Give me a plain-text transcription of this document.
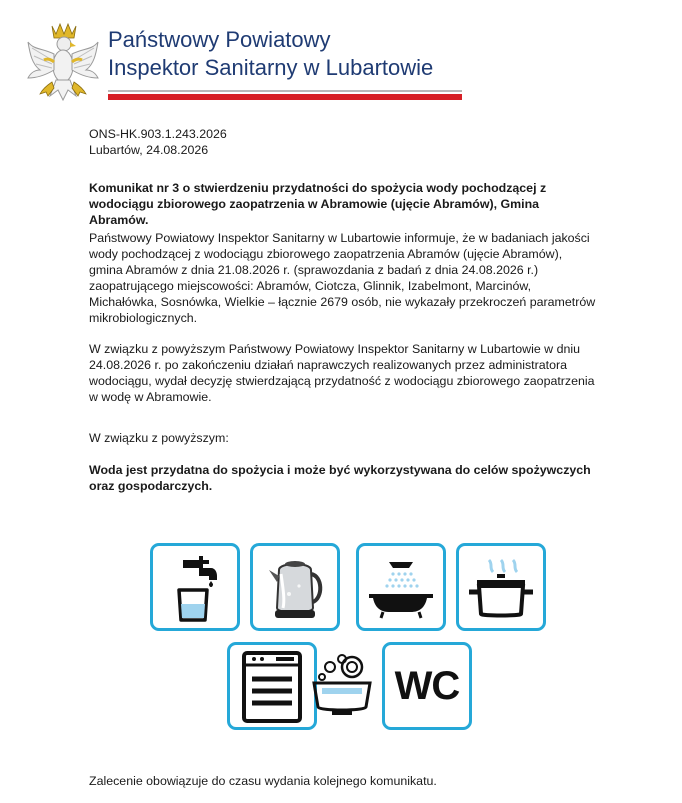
Państwowy Powiatowy
Inspektor Sanitarny w Lubartowie

ONS-HK.903.1.243.2026

Lubartów, 24.08.2026

Komunikat nr 3 o stwierdzeniu przydatności do spożycia wody pochodzącej z wodociągu zbiorowego zaopatrzenia w Abramowie (ujęcie Abramów), Gmina Abramów.

Państwowy Powiatowy Inspektor Sanitarny w Lubartowie informuje, że w badaniach jakości wody pochodzącej z wodociągu zbiorowego zaopatrzenia Abramów (ujęcie Abramów), gmina Abramów z dnia 21.08.2026 r. (sprawozdania z badań z dnia 24.08.2026 r.) zaopatrującego miejscowości: Abramów, Ciotcza, Glinnik, Izabelmont, Marcinów, Michałówka, Sosnówka, Wielkie – łącznie 2679 osób, nie wykazały przekroczeń parametrów mikrobiologicznych.

W związku z powyższym Państwowy Powiatowy Inspektor Sanitarny w Lubartowie w dniu 24.08.2026 r. po zakończeniu działań naprawczych realizowanych przez administratora wodociągu, wydał decyzję stwierdzającą przydatność z wodociągu zbiorowego zaopatrzenia w wodę w Abramowie.

W związku z powyższym:

Woda jest przydatna do spożycia i może być wykorzystywana do celów spożywczych oraz gospodarczych.

WC

Zalecenie obowiązuje do czasu wydania kolejnego komunikatu.
